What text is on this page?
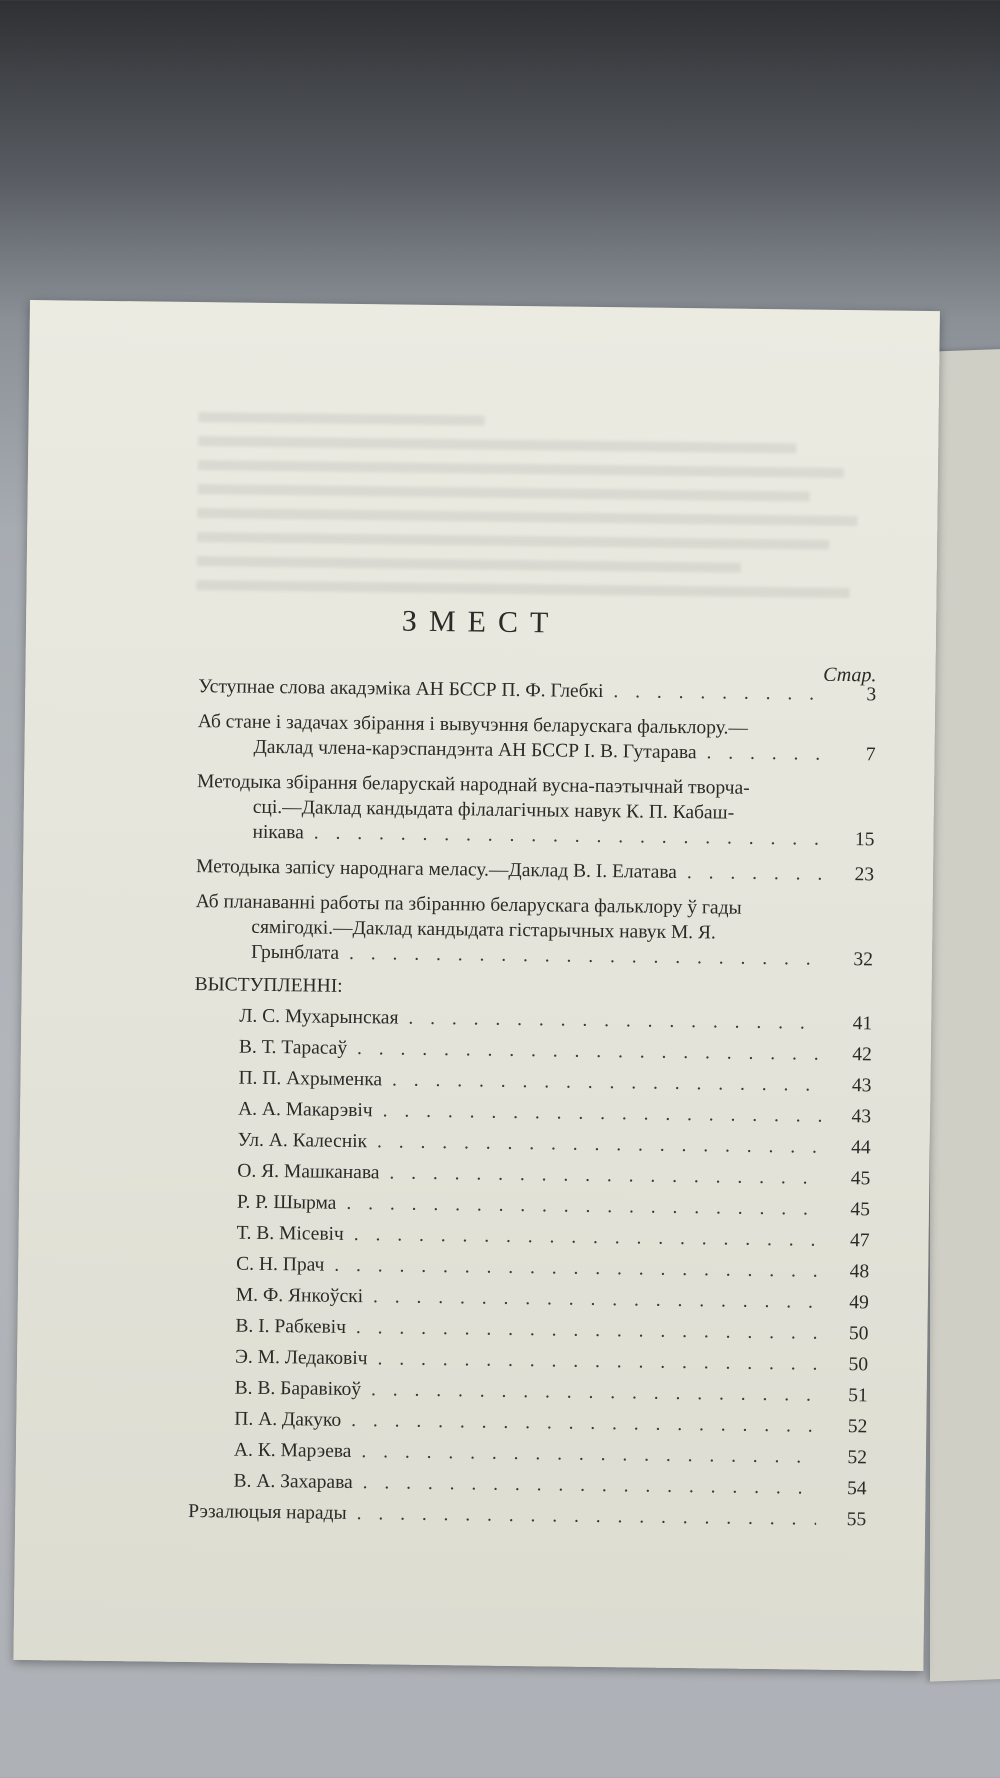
ЗМЕСТ
Стар.
Уступнае слова акадэміка АН БССР П. Ф. Глебкі . . .	3
Аб стане і задачах збірання і вывучэння беларускага фальклору.—
Даклад члена-карэспандэнта АН БССР І. В. Гутарава . . .	7
Методыка збірання беларускай народнай вусна-паэтычнай творча-
сці.—Даклад кандыдата філалагічных навук К. П. Кабаш-
нікава . . .	15
Методыка запісу народнага меласу.—Даклад В. І. Елатава . . .	23
Аб планаванні работы па збіранню беларускага фальклору ў гады
сямігодкі.—Даклад кандыдата гістарычных навук М. Я.
Грынблата . . .	32
ВЫСТУПЛЕННІ:
Л. С. Мухарынская . . .	41
В. Т. Тарасаў . . .	42
П. П. Ахрыменка . . .	43
А. А. Макарэвіч . . .	43
Ул. А. Калеснік . . .	44
О. Я. Машканава . . .	45
Р. Р. Шырма . . .	45
Т. В. Місевіч . . .	47
С. Н. Прач . . .	48
М. Ф. Янкоўскі . . .	49
В. І. Рабкевіч . . .	50
Э. М. Ледаковіч . . .	50
В. В. Баравікоў . . .	51
П. А. Дакуко . . .	52
А. К. Марэева . . .	52
В. А. Захарава . . .	54
Рэзалюцыя нарады . . .	55
